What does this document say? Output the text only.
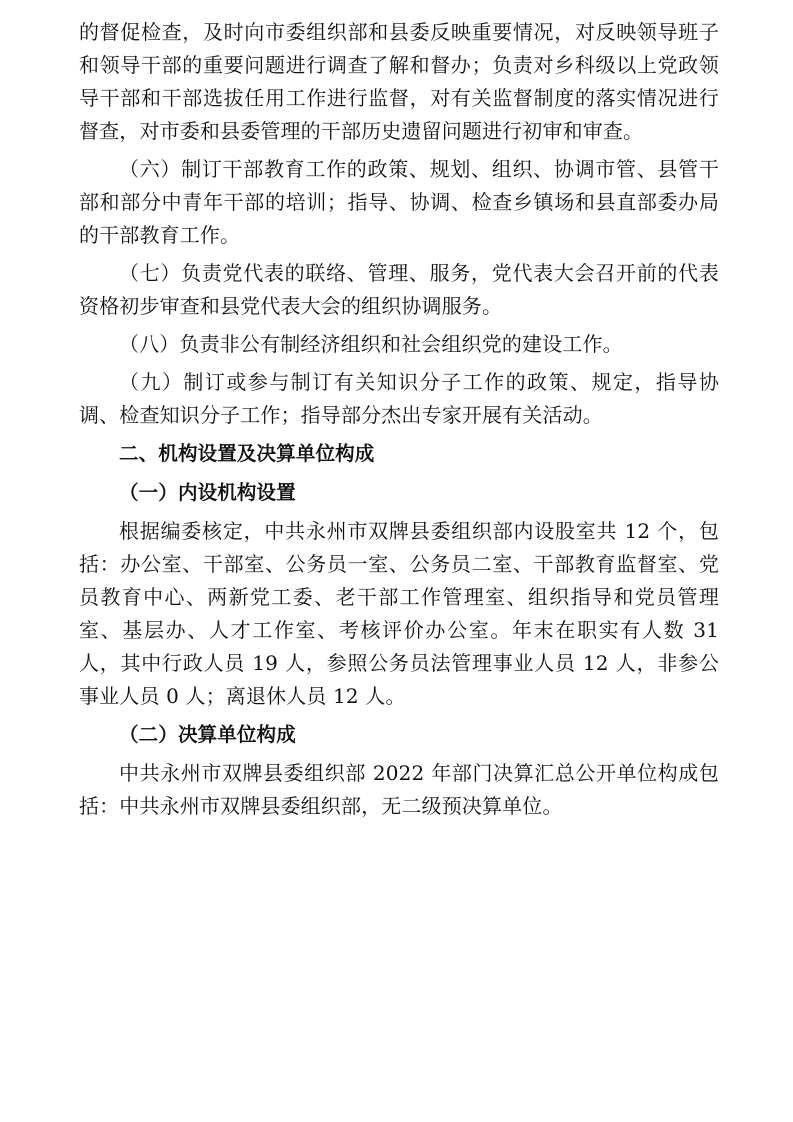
的督促检查，及时向市委组织部和县委反映重要情况，对反映领导班子和领导干部的重要问题进行调查了解和督办；负责对乡科级以上党政领导干部和干部选拔任用工作进行监督，对有关监督制度的落实情况进行督查，对市委和县委管理的干部历史遗留问题进行初审和审查。

（六）制订干部教育工作的政策、规划、组织、协调市管、县管干部和部分中青年干部的培训；指导、协调、检查乡镇场和县直部委办局的干部教育工作。

（七）负责党代表的联络、管理、服务，党代表大会召开前的代表资格初步审查和县党代表大会的组织协调服务。

（八）负责非公有制经济组织和社会组织党的建设工作。

（九）制订或参与制订有关知识分子工作的政策、规定，指导协调、检查知识分子工作；指导部分杰出专家开展有关活动。

二、机构设置及决算单位构成
（一）内设机构设置

根据编委核定，中共永州市双牌县委组织部内设股室共 12 个，包括：办公室、干部室、公务员一室、公务员二室、干部教育监督室、党员教育中心、两新党工委、老干部工作管理室、组织指导和党员管理室、基层办、人才工作室、考核评价办公室。年末在职实有人数 31 人，其中行政人员 19 人，参照公务员法管理事业人员 12 人，非参公事业人员 0 人；离退休人员 12 人。

（二）决算单位构成

中共永州市双牌县委组织部 2022 年部门决算汇总公开单位构成包括：中共永州市双牌县委组织部，无二级预决算单位。
